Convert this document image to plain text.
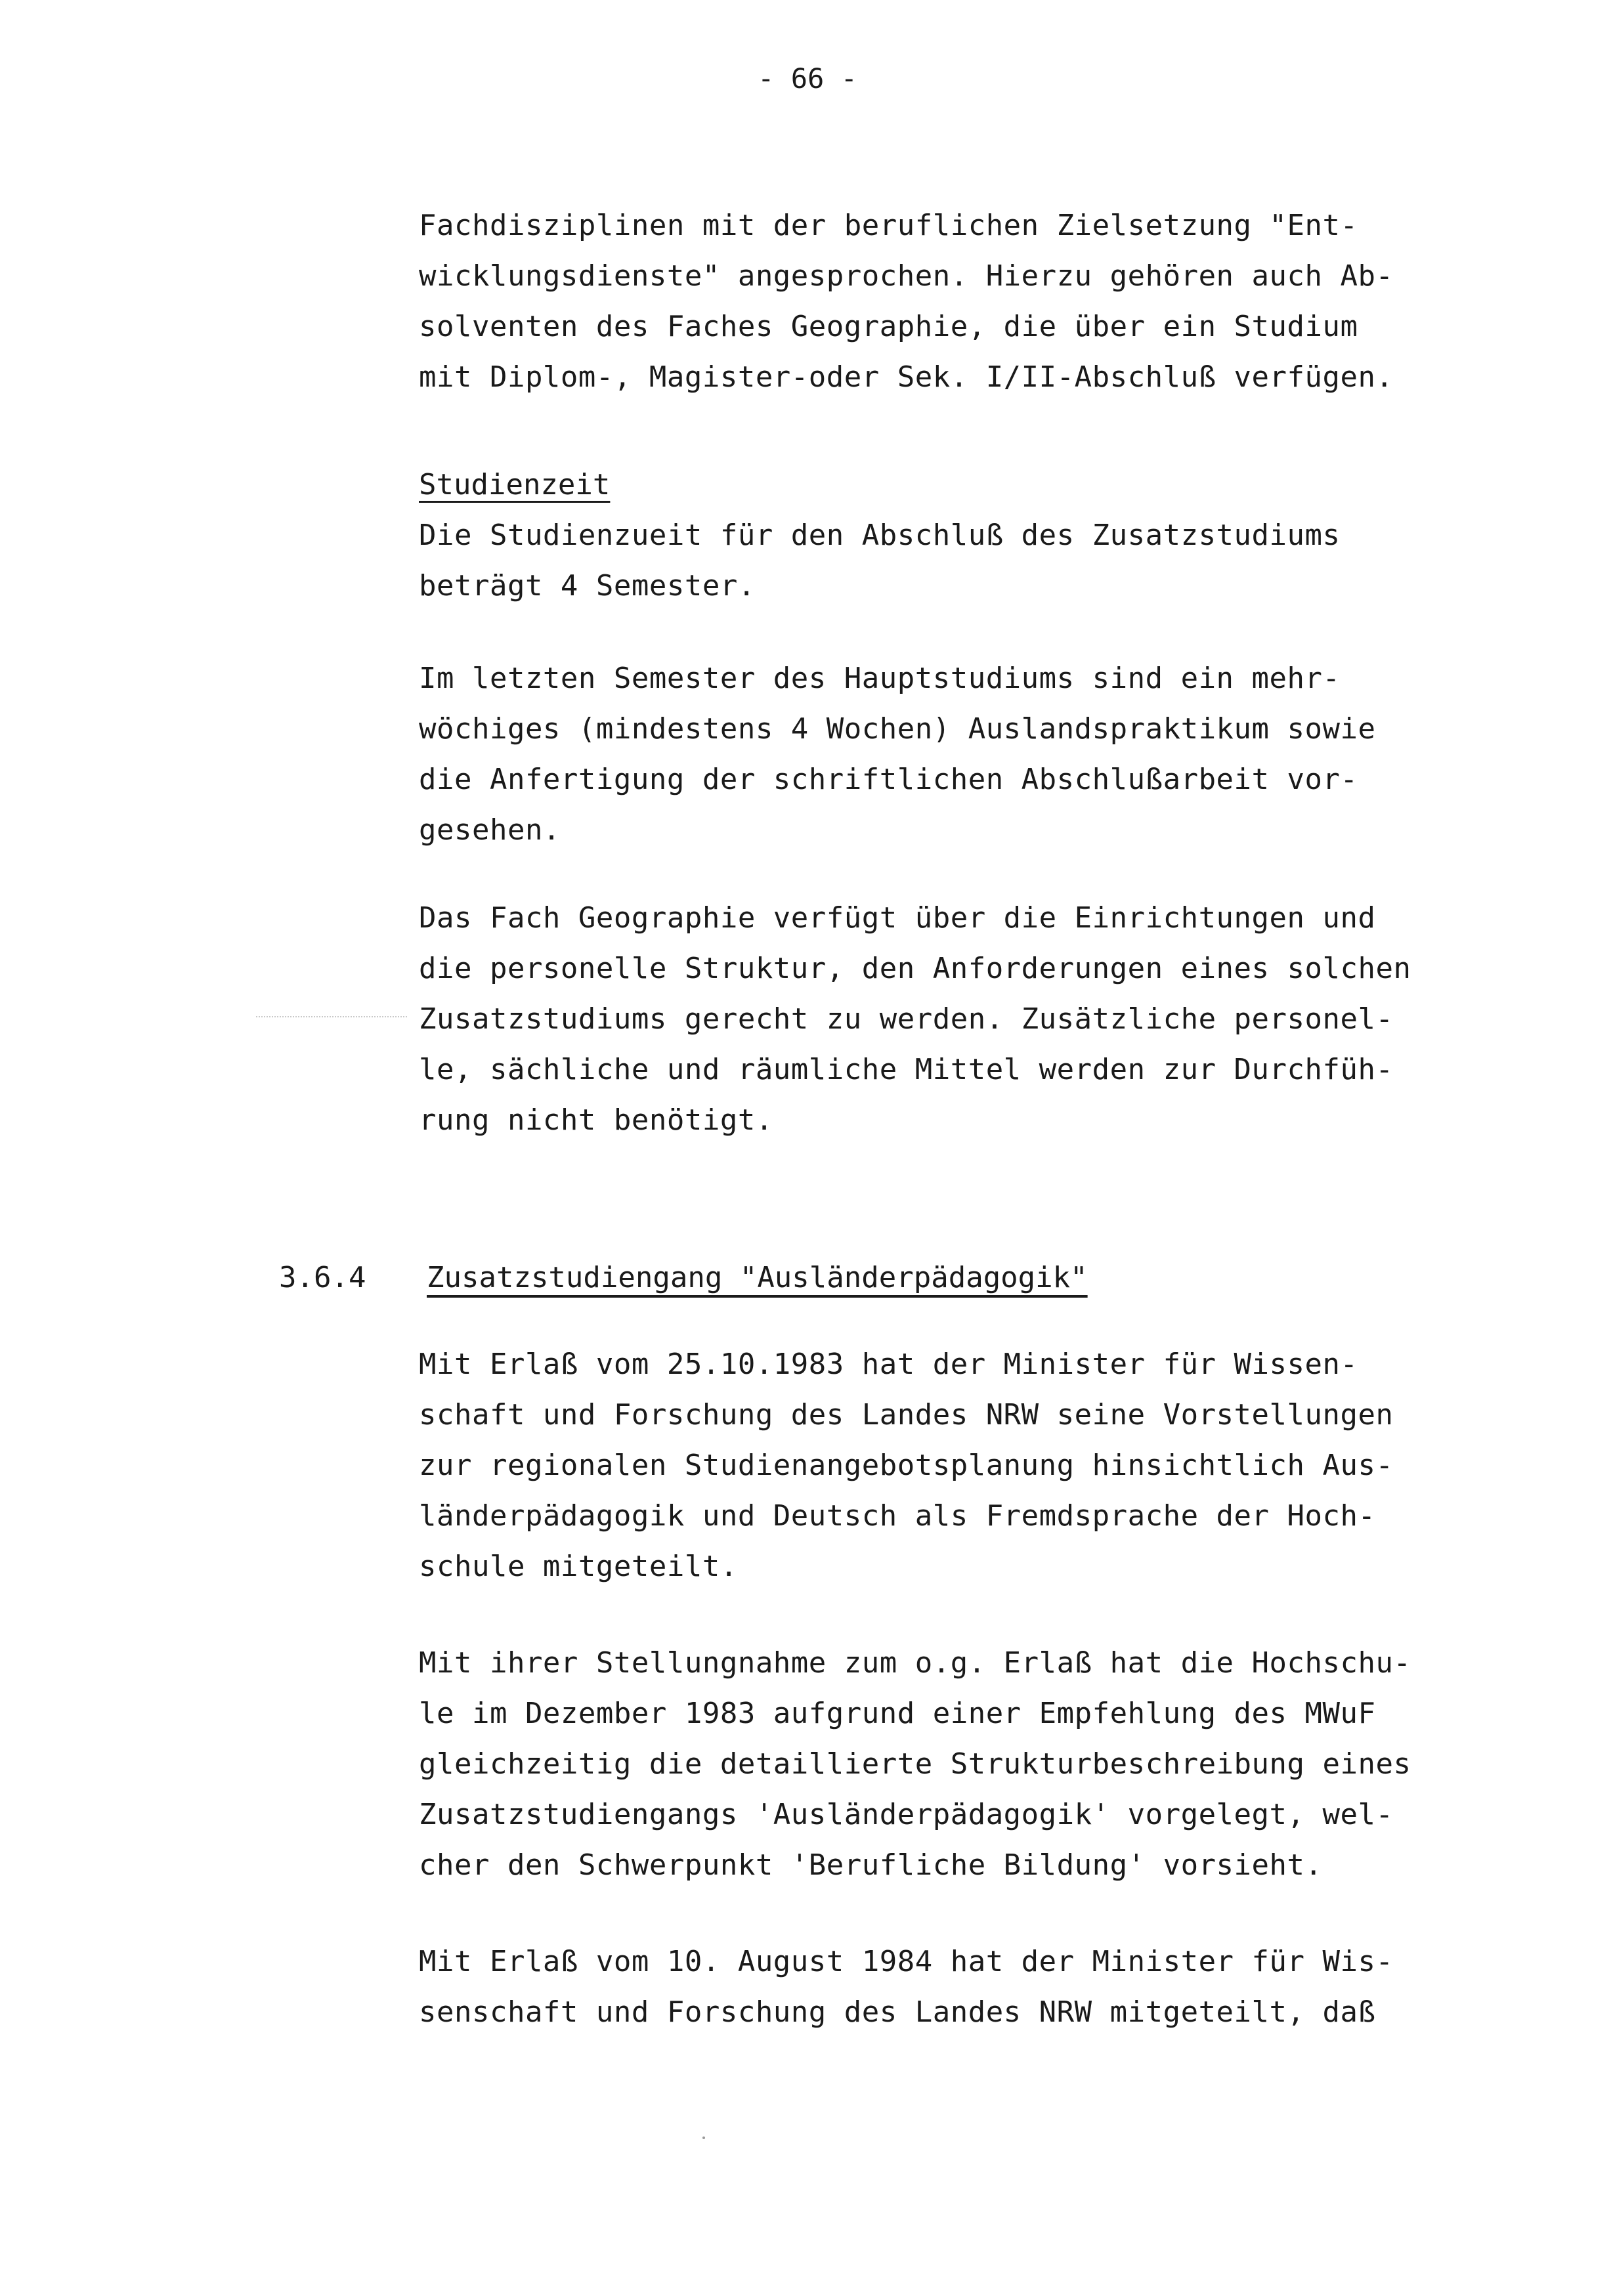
- 66 -
Fachdisziplinen mit der beruflichen Zielsetzung "Ent-
wicklungsdienste" angesprochen. Hierzu gehören auch Ab-
solventen des Faches Geographie, die über ein Studium
mit Diplom-, Magister-oder Sek. I/II-Abschluß verfügen.
Studienzeit
Die Studienzueit für den Abschluß des Zusatzstudiums
beträgt 4 Semester.
Im letzten Semester des Hauptstudiums sind ein mehr-
wöchiges (mindestens 4 Wochen) Auslandspraktikum sowie
die Anfertigung der schriftlichen Abschlußarbeit vor-
gesehen.
Das Fach Geographie verfügt über die Einrichtungen und
die personelle Struktur, den Anforderungen eines solchen
Zusatzstudiums gerecht zu werden. Zusätzliche personel-
le, sächliche und räumliche Mittel werden zur Durchfüh-
rung nicht benötigt.
3.6.4 Zusatzstudiengang "Ausländerpädagogik"
Mit Erlaß vom 25.10.1983 hat der Minister für Wissen-
schaft und Forschung des Landes NRW seine Vorstellungen
zur regionalen Studienangebotsplanung hinsichtlich Aus-
länderpädagogik und Deutsch als Fremdsprache der Hoch-
schule mitgeteilt.
Mit ihrer Stellungnahme zum o.g. Erlaß hat die Hochschu-
le im Dezember 1983 aufgrund einer Empfehlung des MWuF
gleichzeitig die detaillierte Strukturbeschreibung eines
Zusatzstudiengangs 'Ausländerpädagogik' vorgelegt, wel-
cher den Schwerpunkt 'Berufliche Bildung' vorsieht.
Mit Erlaß vom 10. August 1984 hat der Minister für Wis-
senschaft und Forschung des Landes NRW mitgeteilt, daß
